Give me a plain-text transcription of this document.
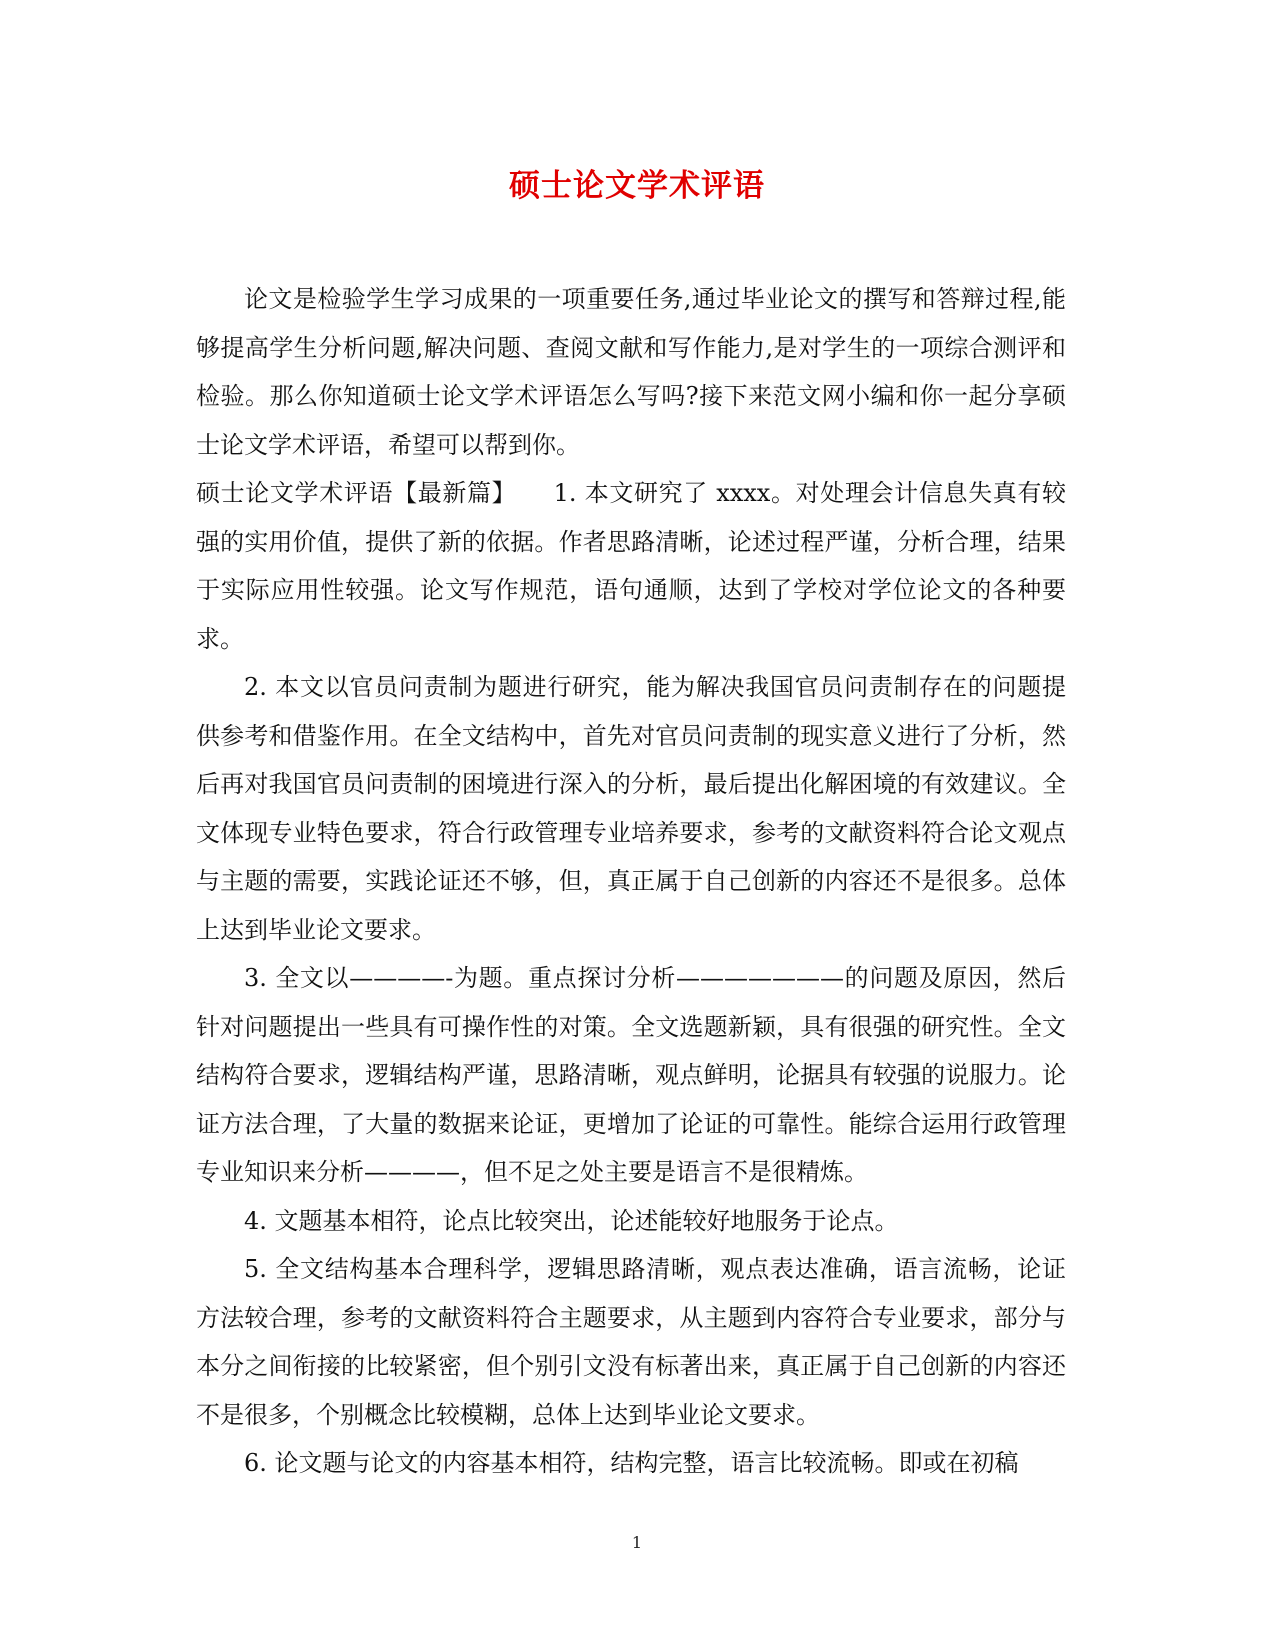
硕士论文学术评语

论文是检验学生学习成果的一项重要任务,通过毕业论文的撰写和答辩过程,能够提高学生分析问题,解决问题、查阅文献和写作能力,是对学生的一项综合测评和检验。那么你知道硕士论文学术评语怎么写吗?接下来范文网小编和你一起分享硕士论文学术评语，希望可以帮到你。

硕士论文学术评语【最新篇】　　1. 本文研究了 xxxx。对处理会计信息失真有较强的实用价值，提供了新的依据。作者思路清晰，论述过程严谨，分析合理，结果于实际应用性较强。论文写作规范，语句通顺，达到了学校对学位论文的各种要求。

2. 本文以官员问责制为题进行研究，能为解决我国官员问责制存在的问题提供参考和借鉴作用。在全文结构中，首先对官员问责制的现实意义进行了分析，然后再对我国官员问责制的困境进行深入的分析，最后提出化解困境的有效建议。全文体现专业特色要求，符合行政管理专业培养要求，参考的文献资料符合论文观点与主题的需要，实践论证还不够，但，真正属于自己创新的内容还不是很多。总体上达到毕业论文要求。

3. 全文以————-为题。重点探讨分析———————的问题及原因，然后针对问题提出一些具有可操作性的对策。全文选题新颖，具有很强的研究性。全文结构符合要求，逻辑结构严谨，思路清晰，观点鲜明，论据具有较强的说服力。论证方法合理，了大量的数据来论证，更增加了论证的可靠性。能综合运用行政管理专业知识来分析————，但不足之处主要是语言不是很精炼。

4. 文题基本相符，论点比较突出，论述能较好地服务于论点。

5. 全文结构基本合理科学，逻辑思路清晰，观点表达准确，语言流畅，论证方法较合理，参考的文献资料符合主题要求，从主题到内容符合专业要求，部分与本分之间衔接的比较紧密，但个别引文没有标著出来，真正属于自己创新的内容还不是很多，个别概念比较模糊，总体上达到毕业论文要求。

6. 论文题与论文的内容基本相符，结构完整，语言比较流畅。即或在初稿

1
